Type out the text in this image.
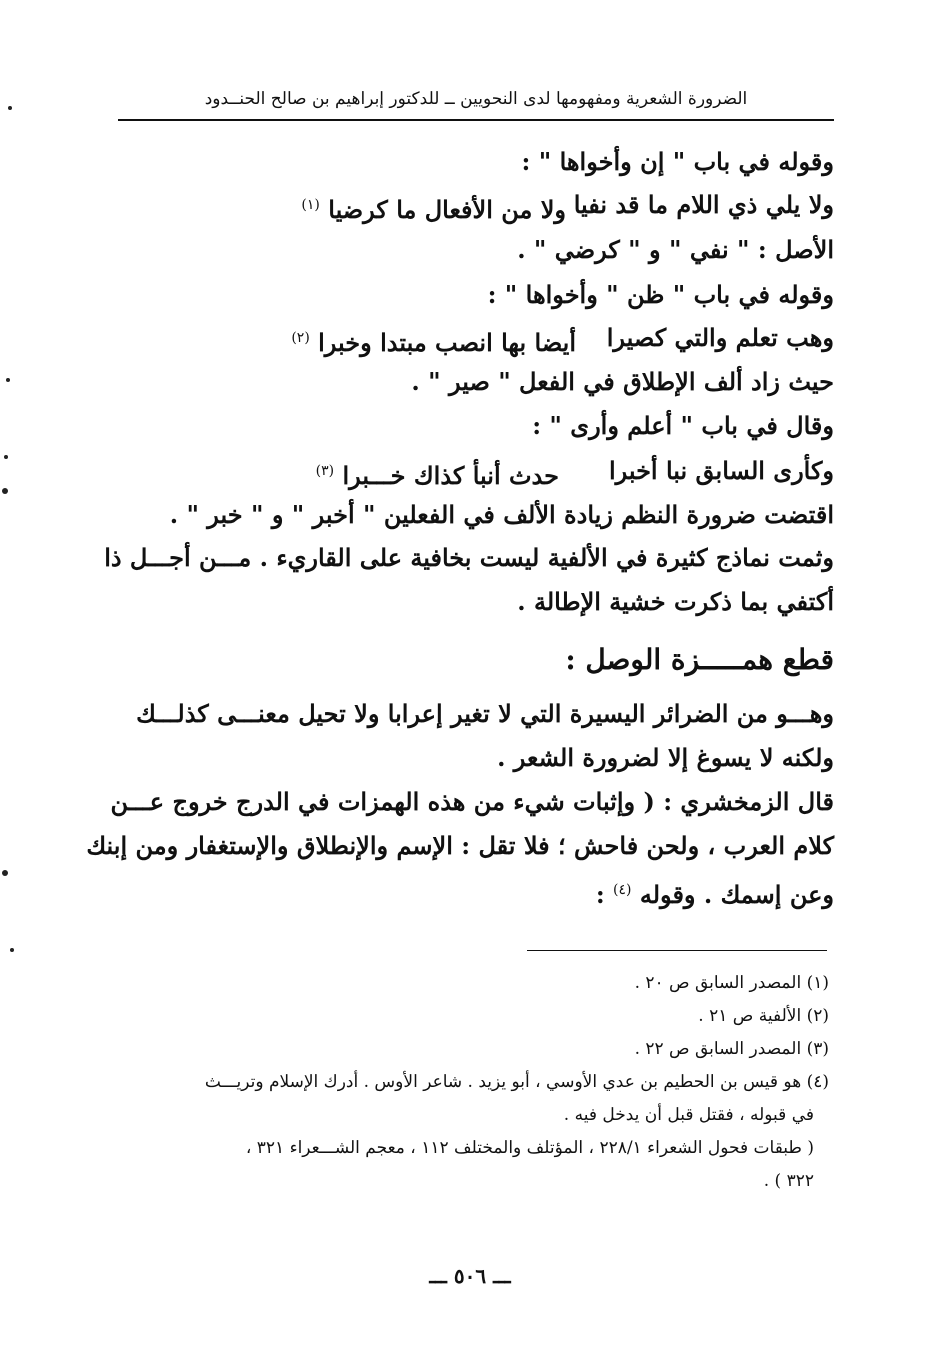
الضرورة الشعرية ومفهومها لدى النحويين ــ للدكتور إبراهيم بن صالح الحنــدود
وقوله في باب " إن وأخواها " :
ولا يلي ذي اللام ما قد نفيا
ولا من الأفعال ما كرضيا $^{(١)}$
الأصل : " نفي " و " كرضي " .
وقوله في باب " ظن " وأخواها " :
وهب تعلم والتي كصيرا
أيضا بها انصب مبتدا وخبرا $^{(٢)}$
حيث زاد ألف الإطلاق في الفعل " صير " .
وقال في باب " أعلم وأرى " :
وكأرى السابق نبا أخبرا
حدث أنبأ كذاك خـــبرا $^{(٣)}$
اقتضت ضرورة النظم زيادة الألف في الفعلين " أخبر " و " خبر " .
وثمت نماذج كثيرة في الألفية ليست بخافية على القاريء . مـــن أجـــل ذا
أكتفي بما ذكرت خشية الإطالة .
قطع همـــــزة الوصل :
وهـــو من الضرائر اليسيرة التي لا تغير إعرابا ولا تحيل معنـــى كذلـــك
ولكنه لا يسوغ إلا لضرورة الشعر .
قال الزمخشري : ( وإثبات شيء من هذه الهمزات في الدرج خروج عـــن
كلام العرب ، ولحن فاحش ؛ فلا تقل : الإسم والإنطلاق والإستغفار ومن إبنك
وعن إسمك . وقوله $^{(٤)}$ :
(١) المصدر السابق ص ٢٠ .
(٢) الألفية ص ٢١ .
(٣) المصدر السابق ص ٢٢ .
(٤) هو قيس بن الحطيم بن عدي الأوسي ، أبو يزيد . شاعر الأوس . أدرك الإسلام وتريـــث
في قبوله ، فقتل قبل أن يدخل فيه .
( طبقات فحول الشعراء ٢٢٨/١ ، المؤتلف والمختلف ١١٢ ، معجم الشـــعراء ٣٢١ ،
٣٢٢ ) .
ـــ ٥٠٦ ـــ
